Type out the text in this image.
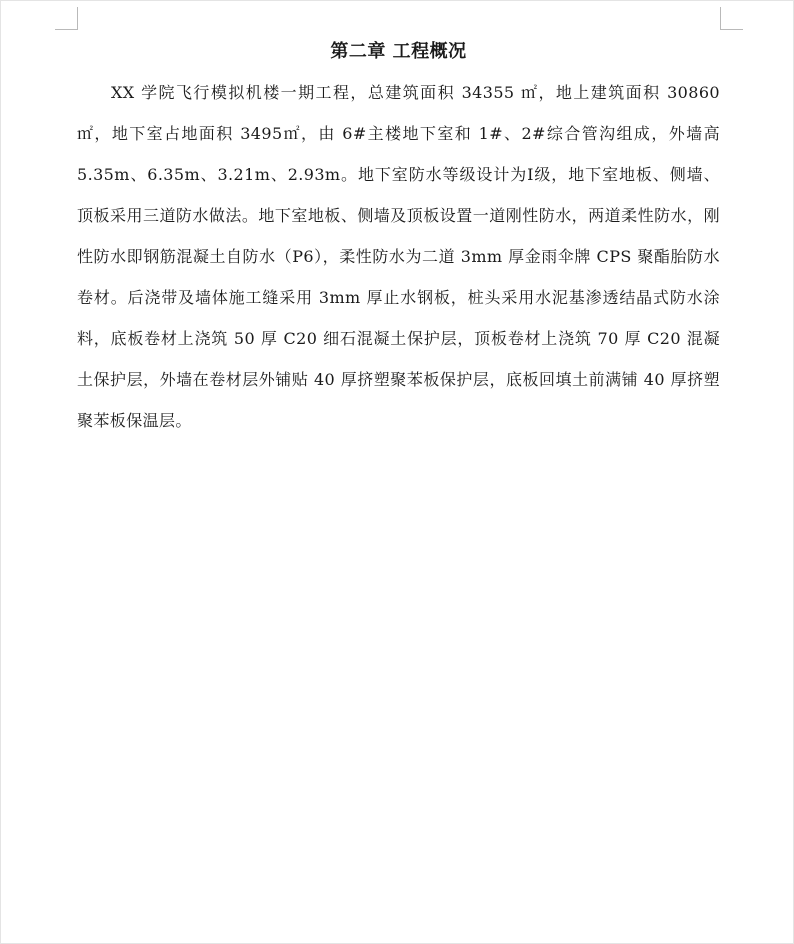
第二章 工程概况

XX 学院飞行模拟机楼一期工程，总建筑面积 34355 ㎡，地上建筑面积 30860 ㎡，地下室占地面积 3495㎡，由 6#主楼地下室和 1#、2#综合管沟组成，外墙高 5.35m、6.35m、3.21m、2.93m。地下室防水等级设计为Ⅰ级，地下室地板、侧墙、顶板采用三道防水做法。地下室地板、侧墙及顶板设置一道刚性防水，两道柔性防水，刚性防水即钢筋混凝土自防水（P6），柔性防水为二道 3mm 厚金雨伞牌 CPS 聚酯胎防水卷材。后浇带及墙体施工缝采用 3mm 厚止水钢板，桩头采用水泥基渗透结晶式防水涂料，底板卷材上浇筑 50 厚 C20 细石混凝土保护层，顶板卷材上浇筑 70 厚 C20 混凝土保护层，外墙在卷材层外铺贴 40 厚挤塑聚苯板保护层，底板回填土前满铺 40 厚挤塑聚苯板保温层。
